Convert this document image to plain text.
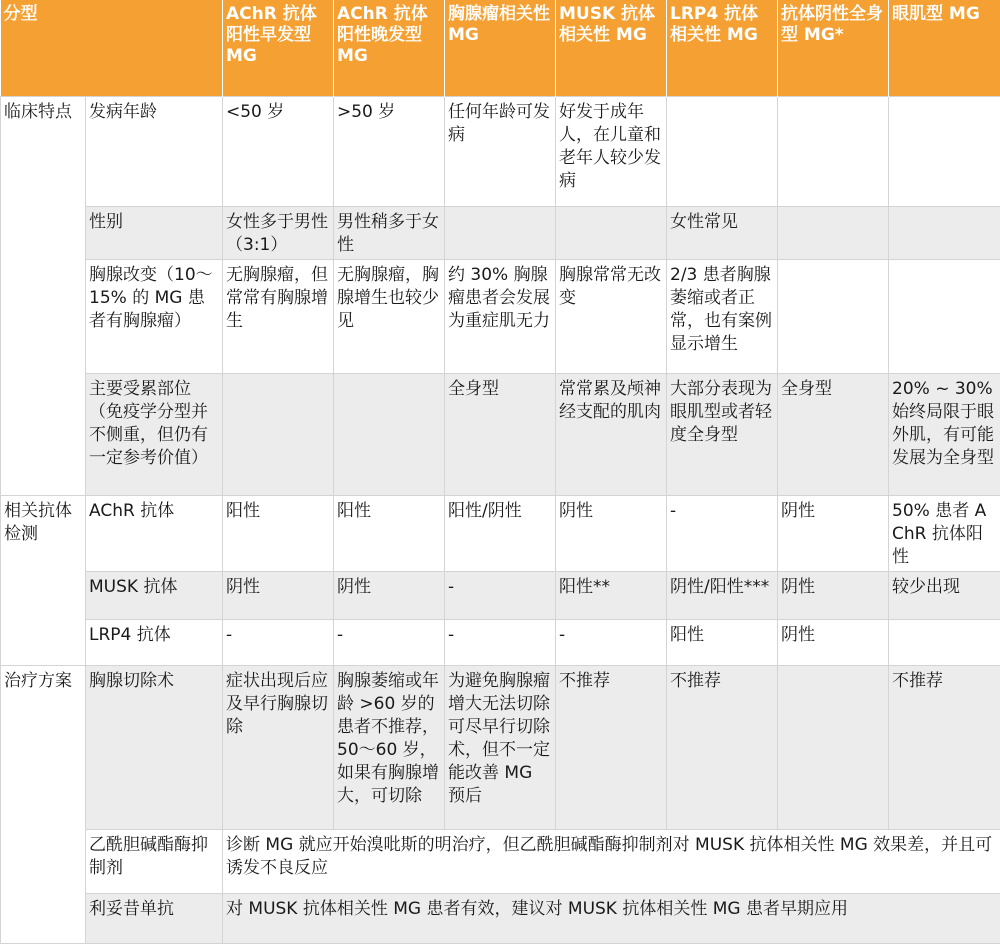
分型		AChR 抗体阳性早发型 MG	AChR 抗体阳性晚发型 MG	胸腺瘤相关性 MG	MUSK 抗体相关性 MG	LRP4 抗体相关性 MG	抗体阴性全身型 MG*	眼肌型 MG
临床特点	发病年龄	<50 岁	>50 岁	任何年龄可发病	好发于成年人，在儿童和老年人较少发病			
	性别	女性多于男性（3:1）	男性稍多于女性			女性常见		
	胸腺改变（10～15% 的 MG 患者有胸腺瘤）	无胸腺瘤，但常常有胸腺增生	无胸腺瘤，胸腺增生也较少见	约 30% 胸腺瘤患者会发展为重症肌无力	胸腺常常无改变	2/3 患者胸腺萎缩或者正常，也有案例显示增生		
	主要受累部位（免疫学分型并不侧重，但仍有一定参考价值）			全身型	常常累及颅神经支配的肌肉	大部分表现为眼肌型或者轻度全身型	全身型	20% ~ 30% 始终局限于眼外肌，有可能发展为全身型
相关抗体检测	AChR 抗体	阳性	阳性	阳性/阴性	阴性	-	阴性	50% 患者 AChR 抗体阳性
	MUSK 抗体	阴性	阴性	-	阳性**	阴性/阳性***	阴性	较少出现
	LRP4 抗体	-	-	-	-	阳性	阴性	
治疗方案	胸腺切除术	症状出现后应及早行胸腺切除	胸腺萎缩或年龄 >60 岁的患者不推荐，50～60 岁，如果有胸腺增大，可切除	为避免胸腺瘤增大无法切除可尽早行切除术，但不一定能改善 MG 预后	不推荐	不推荐		不推荐
	乙酰胆碱酯酶抑制剂	诊断 MG 就应开始溴吡斯的明治疗，但乙酰胆碱酯酶抑制剂对 MUSK 抗体相关性 MG 效果差，并且可诱发不良反应						
	利妥昔单抗	对 MUSK 抗体相关性 MG 患者有效，建议对 MUSK 抗体相关性 MG 患者早期应用						
